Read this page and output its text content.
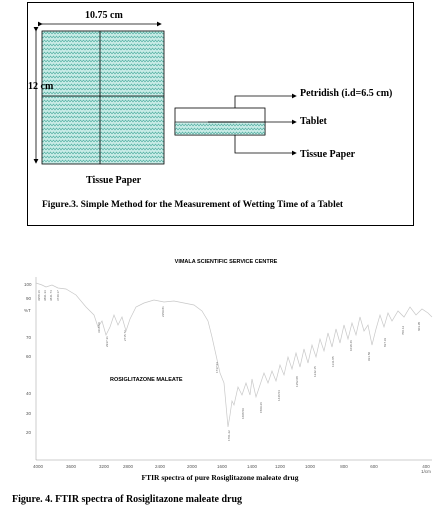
10.75 cm
12 cm
Petridish (i.d=6.5 cm)
Tablet
Tissue Paper
Tissue Paper
Figure.3. Simple Method for the Measurement of Wetting Time of a Tablet
VIMALA SCIENTIFIC SERVICE CENTRE
100
%T
90
70
60
40
30
20
4000	3600	3200	2800	2400	2000	1600	1400	1200	1000	800	600	400
1/cm
3958.16 3891.33 3841.74 3740.17
3118.59
2937.31
2715.72
2359.81
1737.94
1701.22
1608.59
1509.26
1446.54
1352.08
1242.15
1141.85
1038.46
931.50
837.91
700.12	603.95
ROSIGLITAZONE MALEATE
FTIR spectra of pure Rosiglitazone maleate drug
Figure. 4. FTIR spectra of Rosiglitazone maleate drug
